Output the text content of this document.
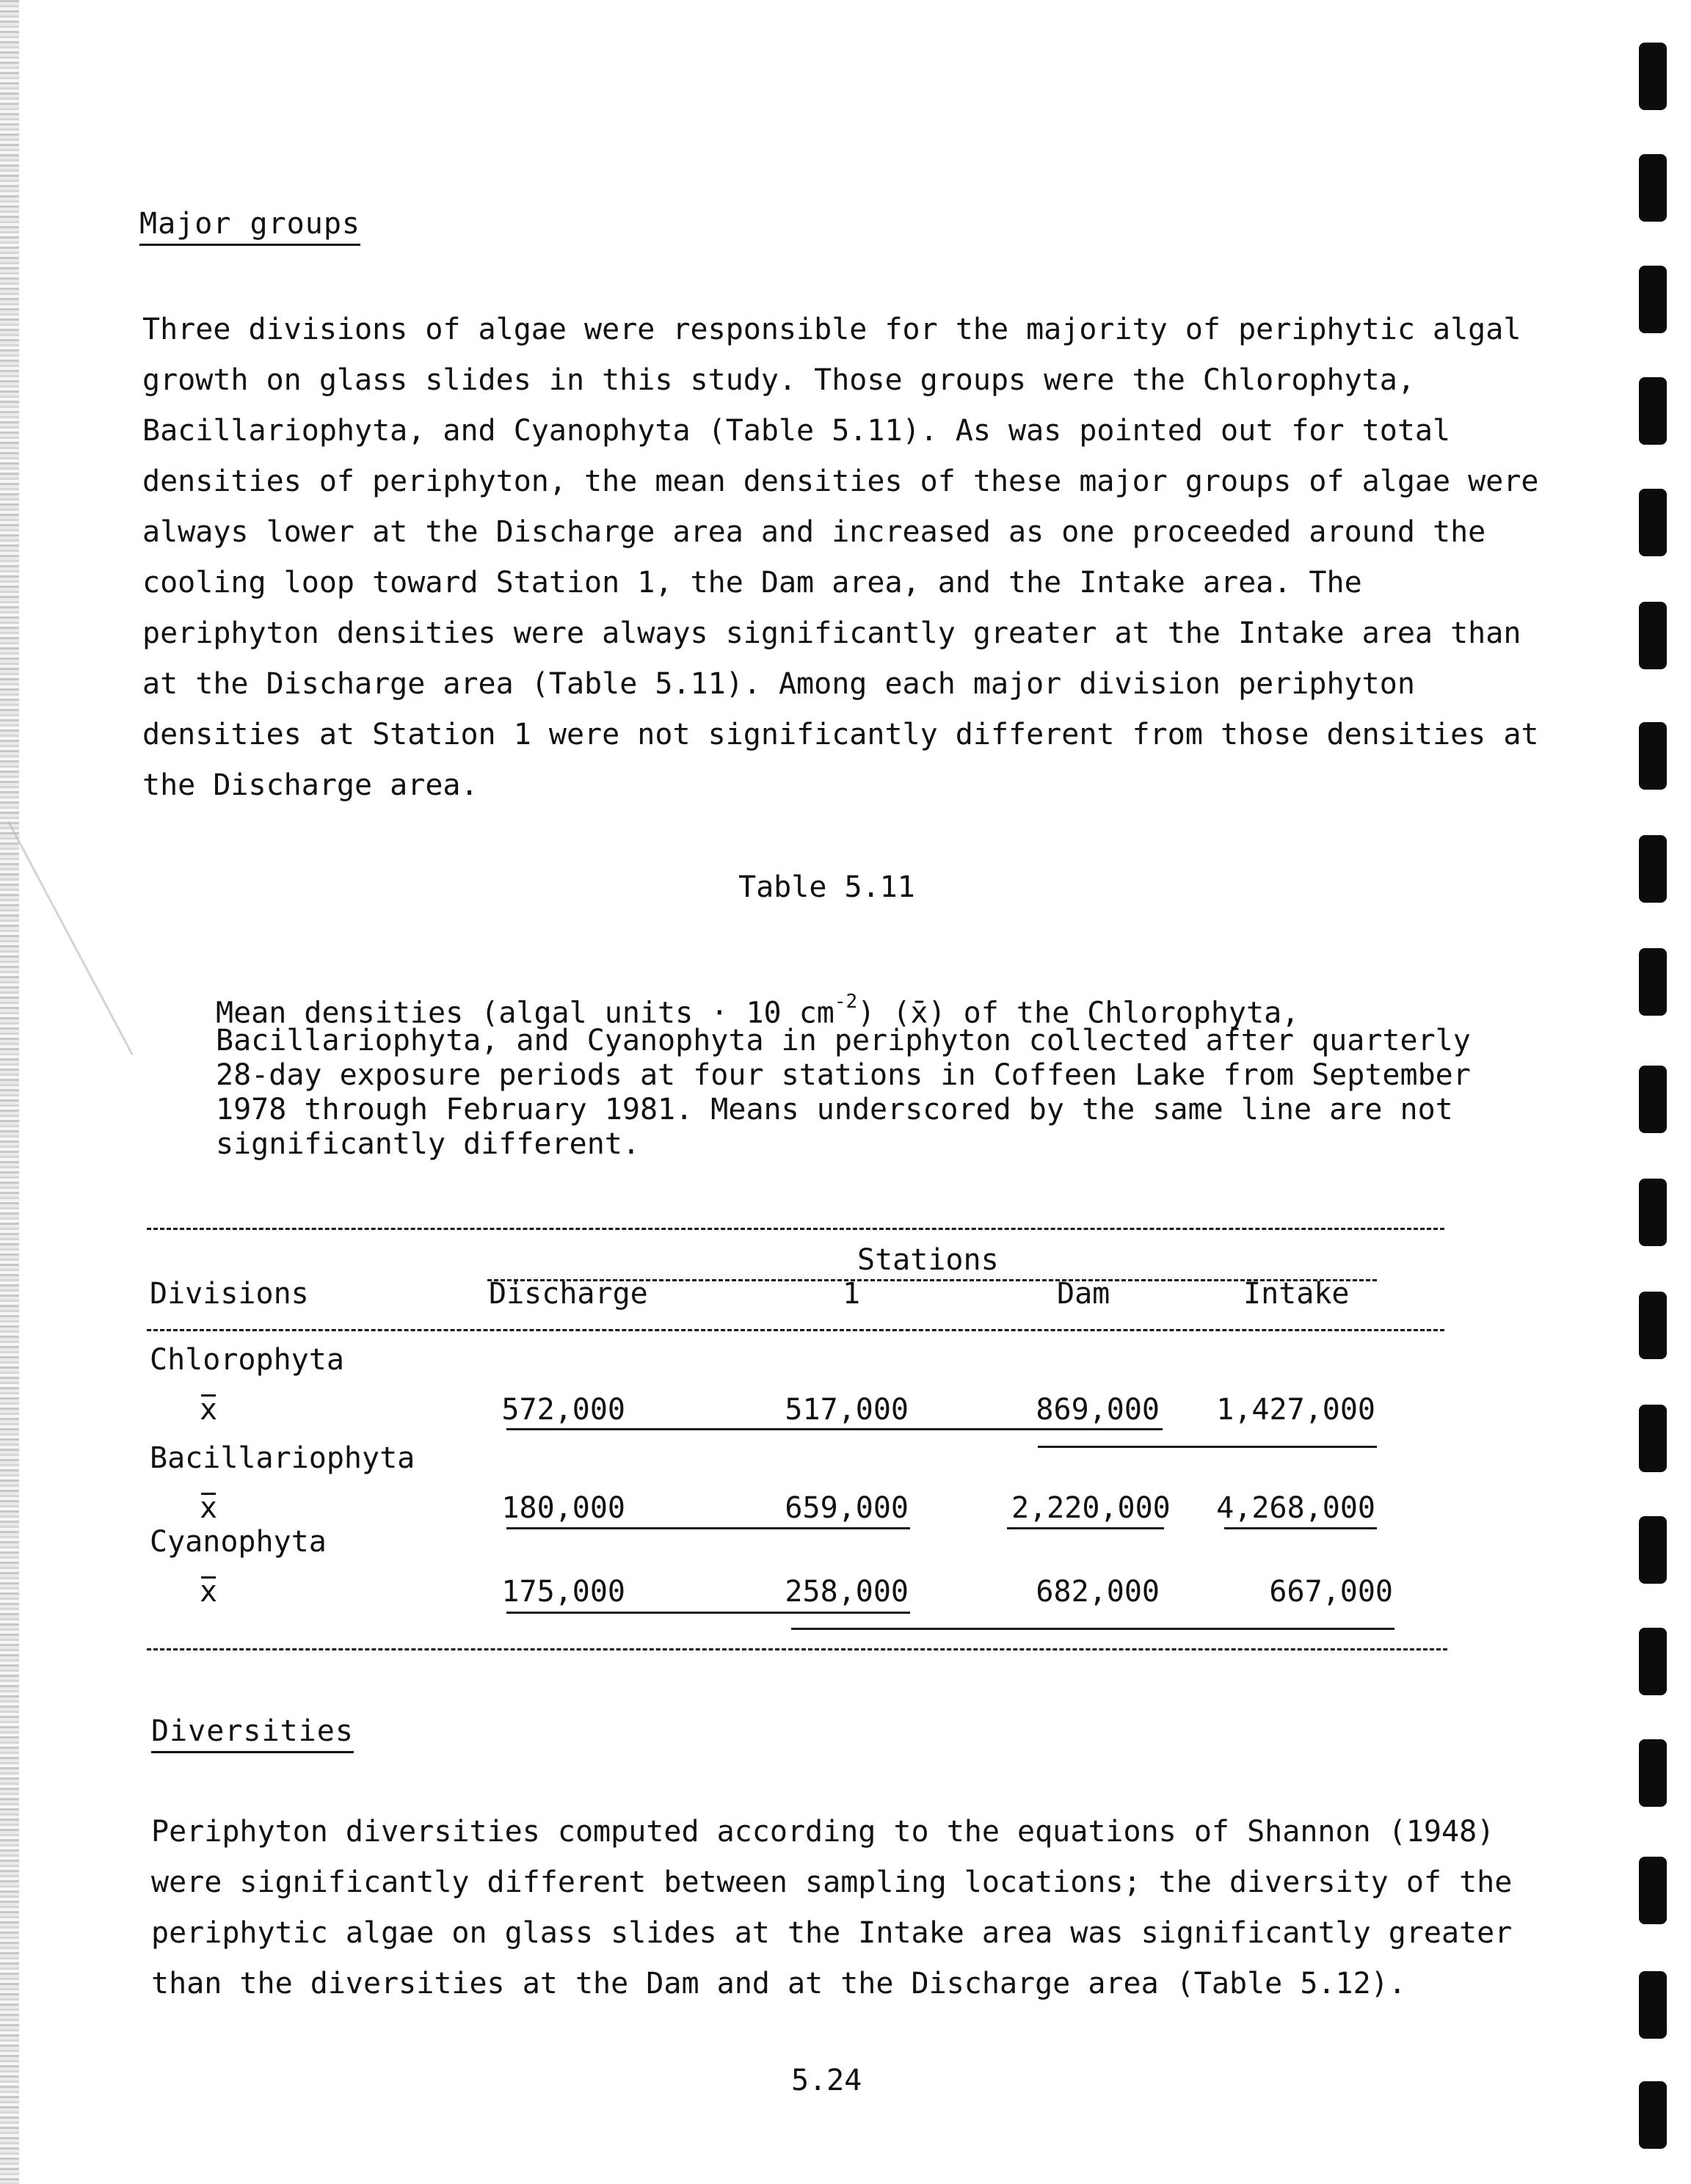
Major groups
Three divisions of algae were responsible for the majority of periphytic algal
growth on glass slides in this study. Those groups were the Chlorophyta,
Bacillariophyta, and Cyanophyta (Table 5.11). As was pointed out for total
densities of periphyton, the mean densities of these major groups of algae were
always lower at the Discharge area and increased as one proceeded around the
cooling loop toward Station 1, the Dam area, and the Intake area. The
periphyton densities were always significantly greater at the Intake area than
at the Discharge area (Table 5.11). Among each major division periphyton
densities at Station 1 were not significantly different from those densities at
the Discharge area.
Table 5.11
Mean densities (algal units · 10 $cm^{-2}$) (x̄) of the Chlorophyta,
Bacillariophyta, and Cyanophyta in periphyton collected after quarterly
28-day exposure periods at four stations in Coffeen Lake from September
1978 through February 1981. Means underscored by the same line are not
significantly different.
Stations
Divisions	Discharge	1	Dam	Intake
Chlorophyta
x	572,000	517,000	869,000	1,427,000
Bacillariophyta
x	180,000	659,000	2,220,000	4,268,000
Cyanophyta
x	175,000	258,000	682,000	667,000
Diversities
Periphyton diversities computed according to the equations of Shannon (1948)
were significantly different between sampling locations; the diversity of the
periphytic algae on glass slides at the Intake area was significantly greater
than the diversities at the Dam and at the Discharge area (Table 5.12).
5.24
